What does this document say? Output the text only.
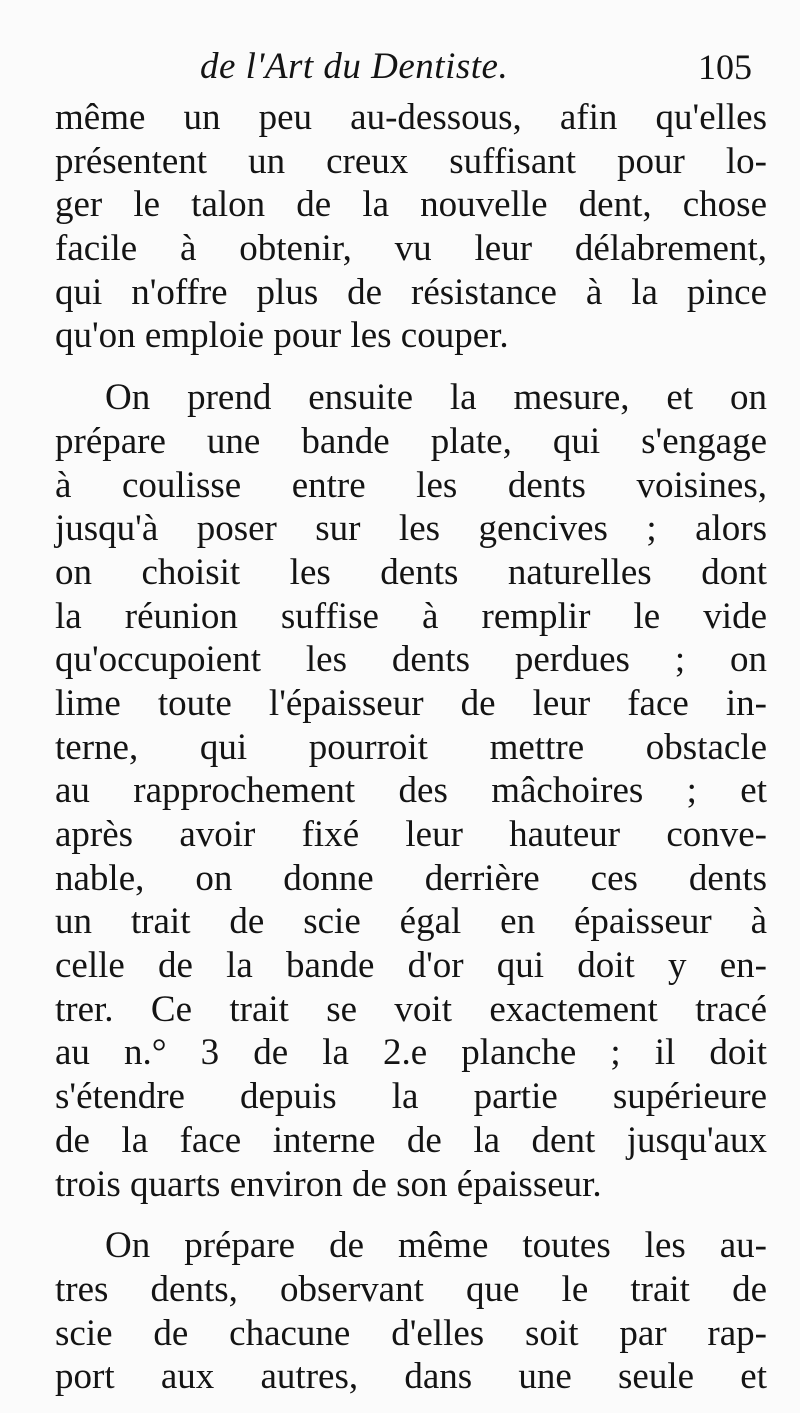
de l'Art du Dentiste.	105
même un peu au-dessous, afin qu'elles
présentent un creux suffisant pour lo-
ger le talon de la nouvelle dent, chose
facile à obtenir, vu leur délabrement,
qui n'offre plus de résistance à la pince
qu'on emploie pour les couper.
On prend ensuite la mesure, et on
prépare une bande plate, qui s'engage
à coulisse entre les dents voisines,
jusqu'à poser sur les gencives ; alors
on choisit les dents naturelles dont
la réunion suffise à remplir le vide
qu'occupoient les dents perdues ; on
lime toute l'épaisseur de leur face in-
terne, qui pourroit mettre obstacle
au rapprochement des mâchoires ; et
après avoir fixé leur hauteur conve-
nable, on donne derrière ces dents
un trait de scie égal en épaisseur à
celle de la bande d'or qui doit y en-
trer. Ce trait se voit exactement tracé
au n.° 3 de la 2.e planche ; il doit
s'étendre depuis la partie supérieure
de la face interne de la dent jusqu'aux
trois quarts environ de son épaisseur.
On prépare de même toutes les au-
tres dents, observant que le trait de
scie de chacune d'elles soit par rap-
port aux autres, dans une seule et
